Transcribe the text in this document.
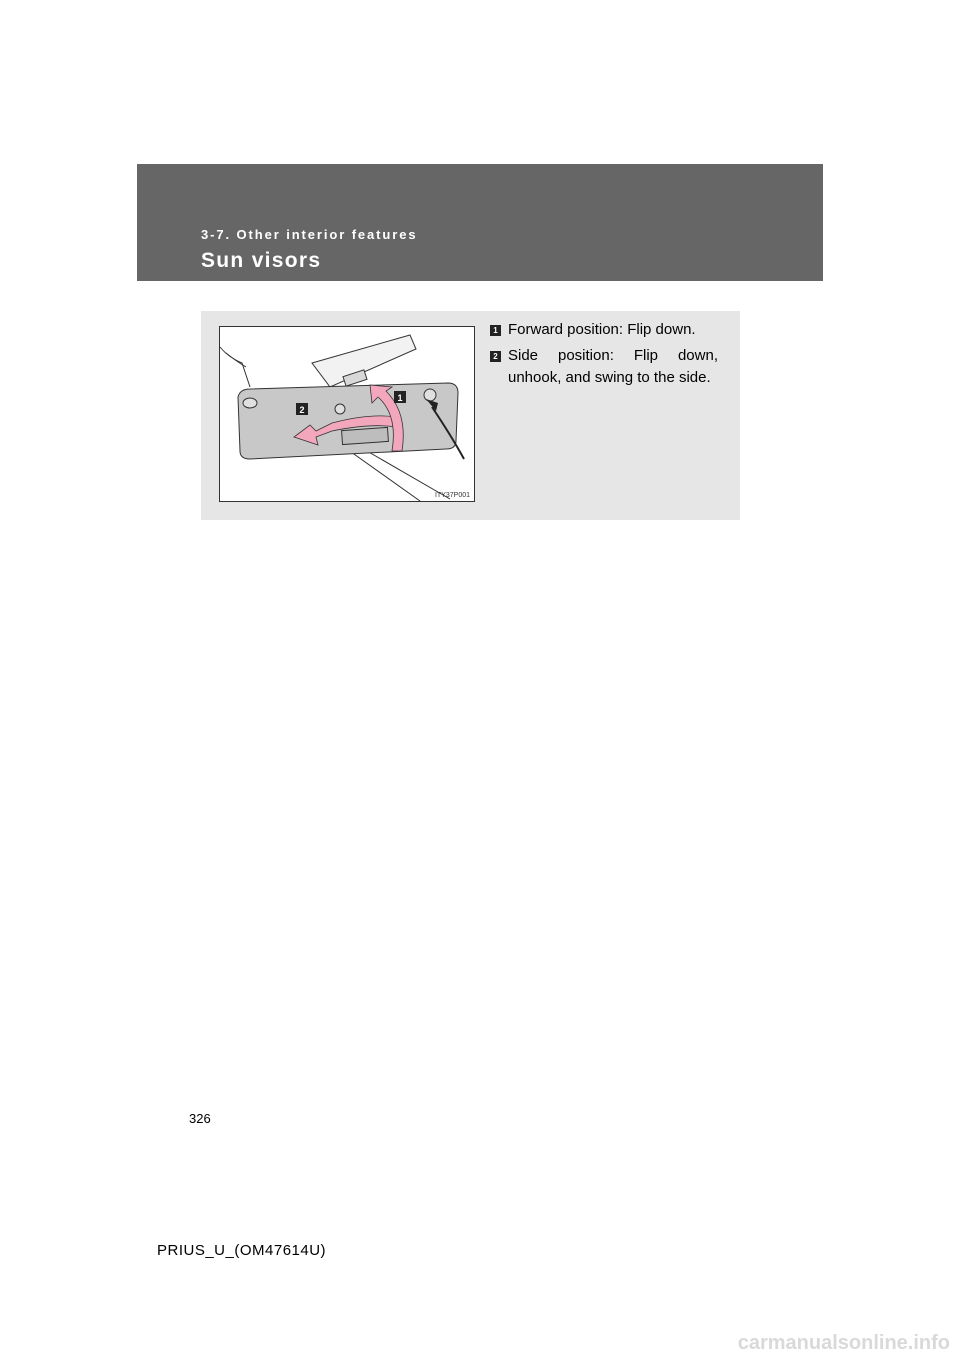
3-7. Other interior features
Sun visors
1
2
ITY37P001
1 Forward position: Flip down.
2 Side position: Flip down, unhook, and swing to the side.
326
PRIUS_U_(OM47614U)
carmanualsonline.info
